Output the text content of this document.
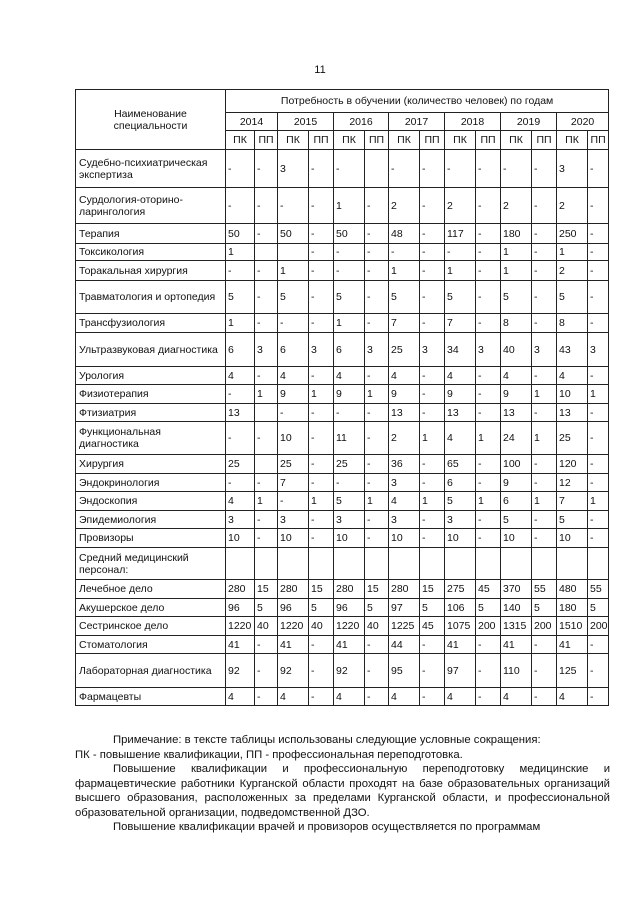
11
Наименование специальности	Потребность в обучении (количество человек) по годам													
	2014		2015		2016		2017		2018		2019		2020	
	ПК	ПП	ПК	ПП	ПК	ПП	ПК	ПП	ПК	ПП	ПК	ПП	ПК	ПП
Судебно-психиатрическая экспертиза	-	-	3	-	-		-	-	-	-	-	-	3	-
Сурдология-оторино-ларингология	-	-	-	-	1	-	2	-	2	-	2	-	2	-
Терапия	50	-	50	-	50	-	48	-	117	-	180	-	250	-
Токсикология	1			-	-	-	-	-	-	-	1	-	1	-
Торакальная хирургия	-	-	1	-	-	-	1	-	1	-	1	-	2	-
Травматология и ортопедия	5	-	5	-	5	-	5	-	5	-	5	-	5	-
Трансфузиология	1	-	-	-	1	-	7	-	7	-	8	-	8	-
Ультразвуковая диагностика	6	3	6	3	6	3	25	3	34	3	40	3	43	3
Урология	4	-	4	-	4	-	4	-	4	-	4	-	4	-
Физиотерапия	-	1	9	1	9	1	9	-	9	-	9	1	10	1
Фтизиатрия	13		-	-	-	-	13	-	13	-	13	-	13	-
Функциональная диагностика	-	-	10	-	11	-	2	1	4	1	24	1	25	-
Хирургия	25		25	-	25	-	36	-	65	-	100	-	120	-
Эндокринология	-	-	7	-	-	-	3	-	6	-	9	-	12	-
Эндоскопия	4	1	-	1	5	1	4	1	5	1	6	1	7	1
Эпидемиология	3	-	3	-	3	-	3	-	3	-	5	-	5	-
Провизоры	10	-	10	-	10	-	10	-	10	-	10	-	10	-
Средний медицинский персонал:														
Лечебное дело	280	15	280	15	280	15	280	15	275	45	370	55	480	55
Акушерское дело	96	5	96	5	96	5	97	5	106	5	140	5	180	5
Сестринское дело	1220	40	1220	40	1220	40	1225	45	1075	200	1315	200	1510	200
Стоматология	41	-	41	-	41	-	44	-	41	-	41	-	41	-
Лабораторная диагностика	92	-	92	-	92	-	95	-	97	-	110	-	125	-
Фармацевты	4	-	4	-	4	-	4	-	4	-	4	-	4	-

Примечание: в тексте таблицы использованы следующие условные сокращения:

ПК - повышение квалификации, ПП - профессиональная переподготовка.

Повышение квалификации и профессиональную переподготовку медицинские и фармацевтические работники Курганской области проходят на базе образовательных организаций высшего образования, расположенных за пределами Курганской области, и профессиональной образовательной организации, подведомственной ДЗО.

Повышение квалификации врачей и провизоров осуществляется по программам
